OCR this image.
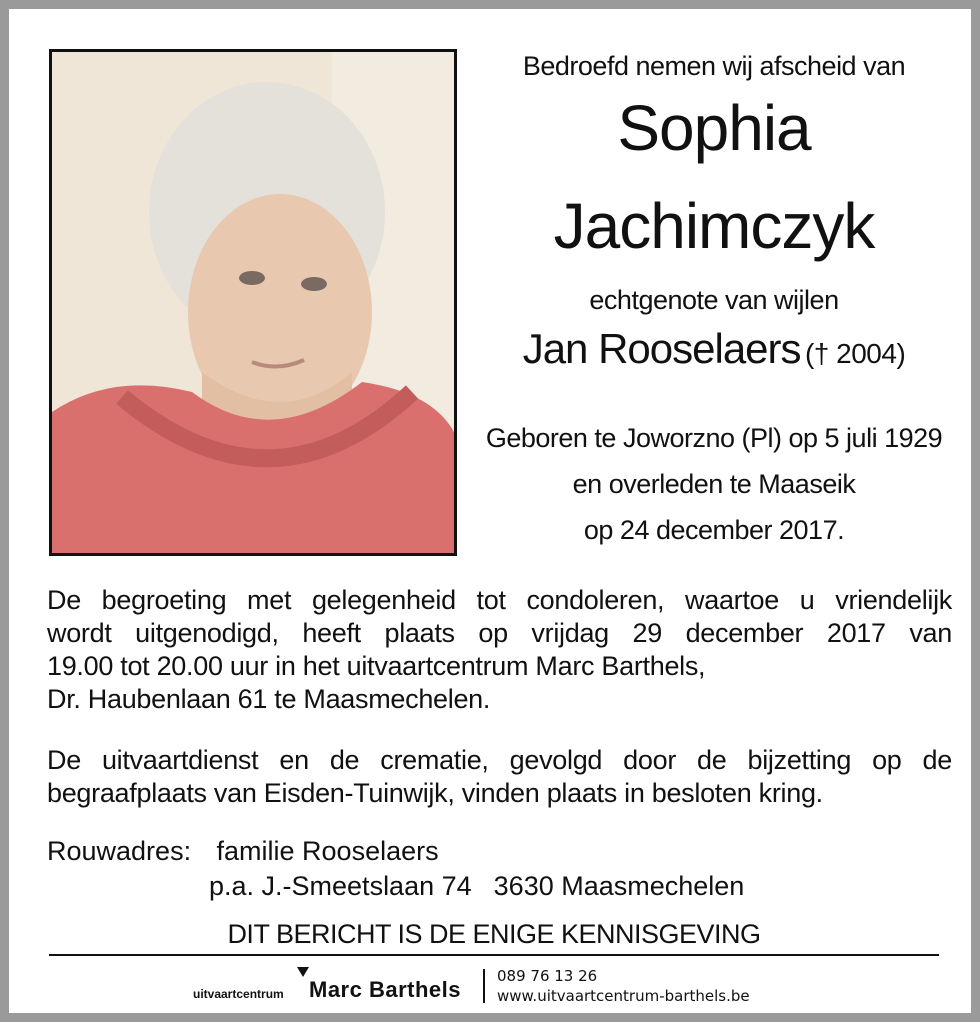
Bedroefd nemen wij afscheid van
Sophia
Jachimczyk
echtgenote van wijlen
Jan Rooselaers († 2004)
Geboren te Joworzno (Pl) op 5 juli 1929
en overleden te Maaseik
op 24 december 2017.
De begroeting met gelegenheid tot condoleren, waartoe u vriendelijk
wordt uitgenodigd, heeft plaats op vrijdag 29 december 2017 van
19.00 tot 20.00 uur in het uitvaartcentrum Marc Barthels,
Dr. Haubenlaan 61 te Maasmechelen.
De uitvaartdienst en de crematie, gevolgd door de bijzetting op de
begraafplaats van Eisden-Tuinwijk, vinden plaats in besloten kring.
Rouwadres: familie Rooselaers
p.a. J.-Smeetslaan 74 3630 Maasmechelen
DIT BERICHT IS DE ENIGE KENNISGEVING
uitvaartcentrum Marc Barthels
089 76 13 26
www.uitvaartcentrum-barthels.be
